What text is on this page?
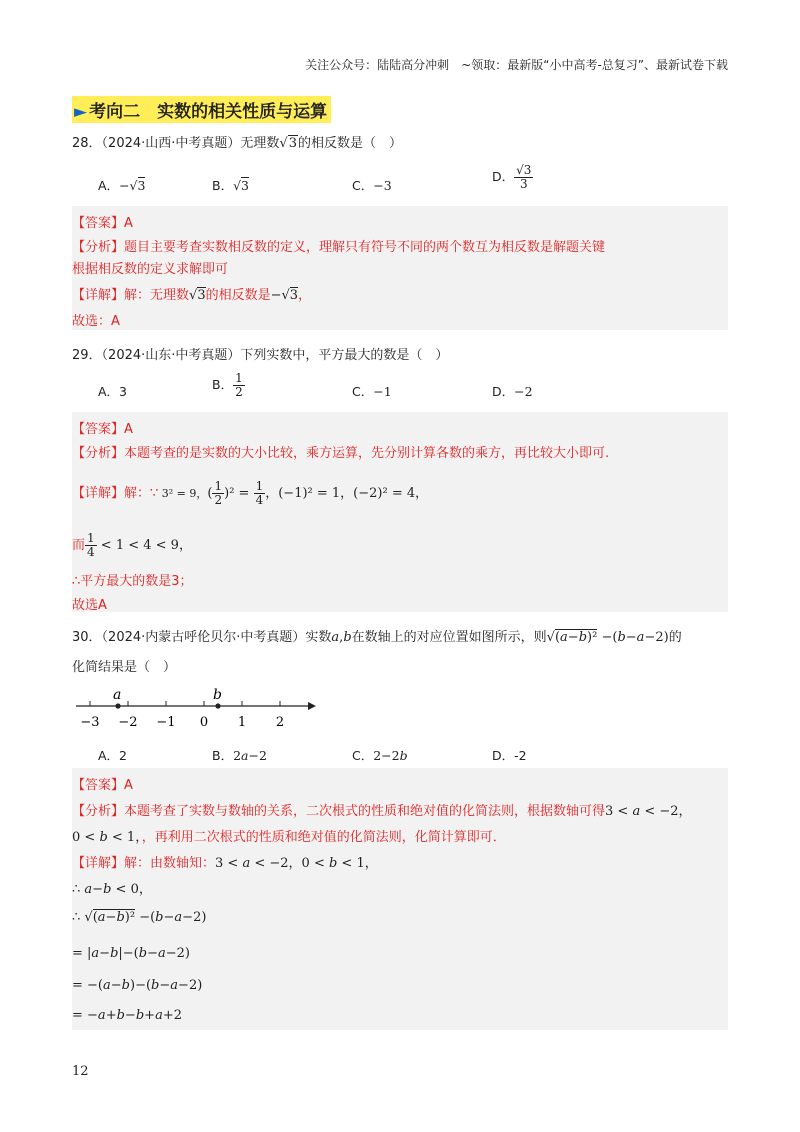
关注公众号：陆陆高分冲刺　~领取：最新版“小中高考-总复习”、最新试卷下载
► 考向二　实数的相关性质与运算
28．（2024·山西·中考真题）无理数√3的相反数是（　）
A．−√3	B．√3	C．−3
D． $\frac{√3}{3}$
【答案】A
【分析】题目主要考查实数相反数的定义，理解只有符号不同的两个数互为相反数是解题关键
根据相反数的定义求解即可
【详解】解：无理数√3的相反数是−√3，
故选：A
29．（2024·山东·中考真题）下列实数中，平方最大的数是（　）
A．3	B． $\frac{1}{2}$	C．−1	D．−2
【答案】A
【分析】本题考查的是实数的大小比较，乘方运算，先分别计算各数的乘方，再比较大小即可.
【详解】解：∵ 3² = 9，( $\frac{1}{2} )^2 = \frac{1}{4}$ ，(−1)² = 1，(−2)² = 4，
而 $\frac{1}{4} < 1 < 4 < 9$，
∴平方最大的数是3；
故选A
30．（2024·内蒙古呼伦贝尔·中考真题）实数a,b在数轴上的对应位置如图所示，则√(a−b)² −(b−a−2)的
化简结果是（　）
a	b
−3 −2 −1 0 1 2
A．2	B．2a−2	C．2−2b	D．-2
【答案】A
【分析】本题考查了实数与数轴的关系，二次根式的性质和绝对值的化简法则，根据数轴可得3 < a < −2，
0 < b < 1，，再利用二次根式的性质和绝对值的化简法则，化简计算即可．
【详解】解：由数轴知：3 < a < −2，0 < b < 1，
∴ a−b < 0，
∴ √(a−b)² −(b−a−2)
= |a−b|−(b−a−2)
= −(a−b)−(b−a−2)
= −a+b−b+a+2
12
